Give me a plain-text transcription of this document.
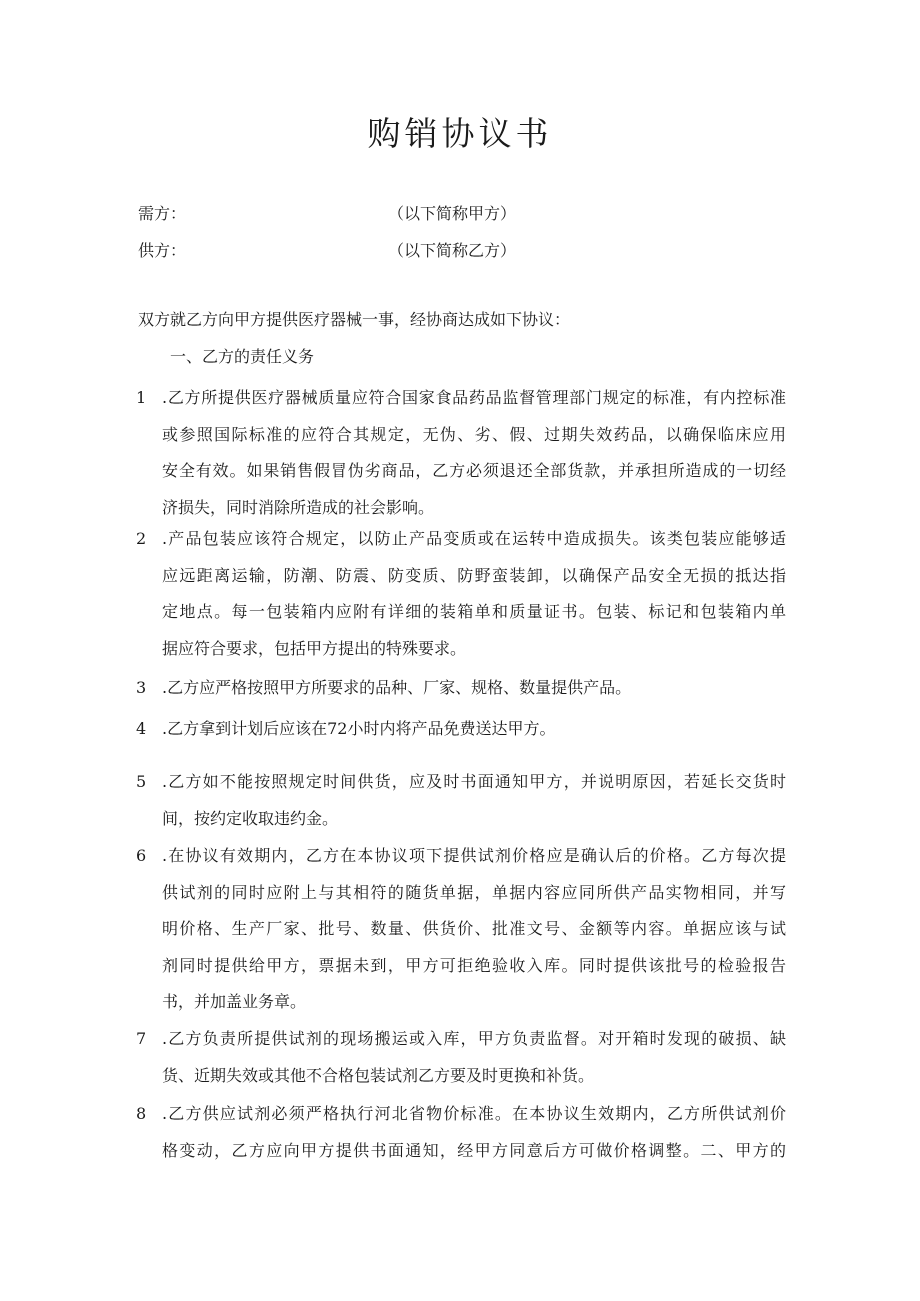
购销协议书
需方：	（以下简称甲方）
供方：	（以下简称乙方）
双方就乙方向甲方提供医疗器械一事，经协商达成如下协议：
一、乙方的责任义务
1 .乙方所提供医疗器械质量应符合国家食品药品监督管理部门规定的标准，有内控标准
或参照国际标准的应符合其规定，无伪、劣、假、过期失效药品，以确保临床应用
安全有效。如果销售假冒伪劣商品，乙方必须退还全部货款，并承担所造成的一切经
济损失，同时消除所造成的社会影响。
2 .产品包装应该符合规定，以防止产品变质或在运转中造成损失。该类包装应能够适
应远距离运输，防潮、防震、防变质、防野蛮装卸，以确保产品安全无损的抵达指
定地点。每一包装箱内应附有详细的装箱单和质量证书。包装、标记和包装箱内单
据应符合要求，包括甲方提出的特殊要求。
3 .乙方应严格按照甲方所要求的品种、厂家、规格、数量提供产品。
4 .乙方拿到计划后应该在72小时内将产品免费送达甲方。
5 .乙方如不能按照规定时间供货，应及时书面通知甲方，并说明原因，若延长交货时
间，按约定收取违约金。
6 .在协议有效期内，乙方在本协议项下提供试剂价格应是确认后的价格。乙方每次提
供试剂的同时应附上与其相符的随货单据，单据内容应同所供产品实物相同，并写
明价格、生产厂家、批号、数量、供货价、批准文号、金额等内容。单据应该与试
剂同时提供给甲方，票据未到，甲方可拒绝验收入库。同时提供该批号的检验报告
书，并加盖业务章。
7 .乙方负责所提供试剂的现场搬运或入库，甲方负责监督。对开箱时发现的破损、缺
货、近期失效或其他不合格包装试剂乙方要及时更换和补货。
8 .乙方供应试剂必须严格执行河北省物价标准。在本协议生效期内，乙方所供试剂价
格变动，乙方应向甲方提供书面通知，经甲方同意后方可做价格调整。二、甲方的
